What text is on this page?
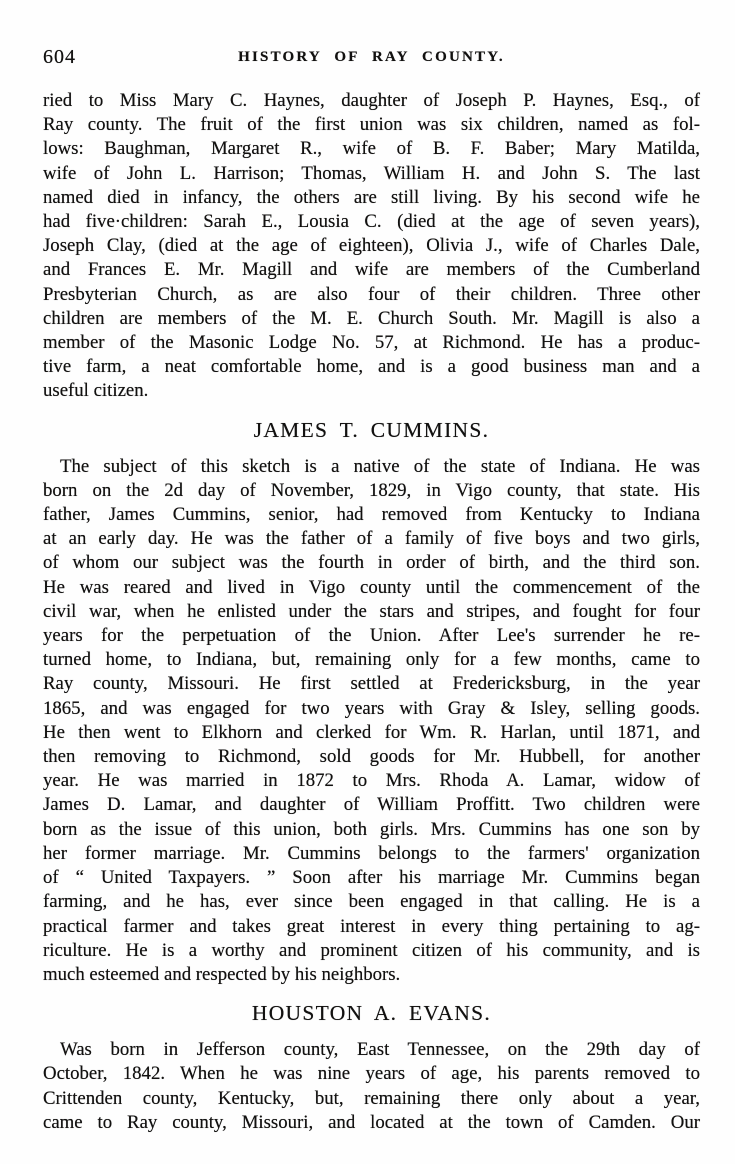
604	HISTORY OF RAY COUNTY.
ried to Miss Mary C. Haynes, daughter of Joseph P. Haynes, Esq., of
Ray county. The fruit of the first union was six children, named as fol-
lows: Baughman, Margaret R., wife of B. F. Baber; Mary Matilda,
wife of John L. Harrison; Thomas, William H. and John S. The last
named died in infancy, the others are still living. By his second wife he
had five·children: Sarah E., Lousia C. (died at the age of seven years),
Joseph Clay, (died at the age of eighteen), Olivia J., wife of Charles Dale,
and Frances E. Mr. Magill and wife are members of the Cumberland
Presbyterian Church, as are also four of their children. Three other
children are members of the M. E. Church South. Mr. Magill is also a
member of the Masonic Lodge No. 57, at Richmond. He has a produc-
tive farm, a neat comfortable home, and is a good business man and a
useful citizen.
JAMES T. CUMMINS.
The subject of this sketch is a native of the state of Indiana. He was
born on the 2d day of November, 1829, in Vigo county, that state. His
father, James Cummins, senior, had removed from Kentucky to Indiana
at an early day. He was the father of a family of five boys and two girls,
of whom our subject was the fourth in order of birth, and the third son.
He was reared and lived in Vigo county until the commencement of the
civil war, when he enlisted under the stars and stripes, and fought for four
years for the perpetuation of the Union. After Lee's surrender he re-
turned home, to Indiana, but, remaining only for a few months, came to
Ray county, Missouri. He first settled at Fredericksburg, in the year
1865, and was engaged for two years with Gray & Isley, selling goods.
He then went to Elkhorn and clerked for Wm. R. Harlan, until 1871, and
then removing to Richmond, sold goods for Mr. Hubbell, for another
year. He was married in 1872 to Mrs. Rhoda A. Lamar, widow of
James D. Lamar, and daughter of William Proffitt. Two children were
born as the issue of this union, both girls. Mrs. Cummins has one son by
her former marriage. Mr. Cummins belongs to the farmers' organization
of “ United Taxpayers. ” Soon after his marriage Mr. Cummins began
farming, and he has, ever since been engaged in that calling. He is a
practical farmer and takes great interest in every thing pertaining to ag-
riculture. He is a worthy and prominent citizen of his community, and is
much esteemed and respected by his neighbors.
HOUSTON A. EVANS.
Was born in Jefferson county, East Tennessee, on the 29th day of
October, 1842. When he was nine years of age, his parents removed to
Crittenden county, Kentucky, but, remaining there only about a year,
came to Ray county, Missouri, and located at the town of Camden. Our
